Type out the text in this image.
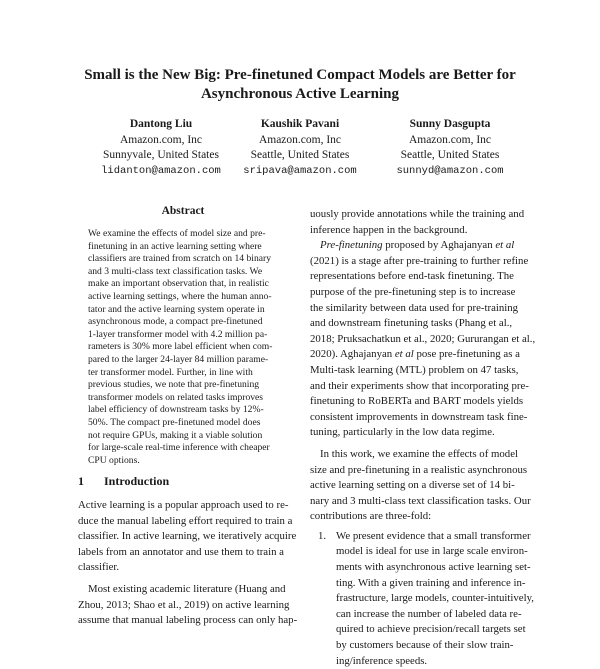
Small is the New Big: Pre-finetuned Compact Models are Better for
Asynchronous Active Learning
Dantong Liu
Amazon.com, Inc
Sunnyvale, United States
lidanton@amazon.com
Kaushik Pavani
Amazon.com, Inc
Seattle, United States
sripava@amazon.com
Sunny Dasgupta
Amazon.com, Inc
Seattle, United States
sunnyd@amazon.com
Abstract
We examine the effects of model size and pre-
finetuning in an active learning setting where
classifiers are trained from scratch on 14 binary
and 3 multi-class text classification tasks. We
make an important observation that, in realistic
active learning settings, where the human anno-
tator and the active learning system operate in
asynchronous mode, a compact pre-finetuned
1-layer transformer model with 4.2 million pa-
rameters is 30% more label efficient when com-
pared to the larger 24-layer 84 million parame-
ter transformer model. Further, in line with
previous studies, we note that pre-finetuning
transformer models on related tasks improves
label efficiency of downstream tasks by 12%-
50%. The compact pre-finetuned model does
not require GPUs, making it a viable solution
for large-scale real-time inference with cheaper
CPU options.
1 Introduction
Active learning is a popular approach used to re-
duce the manual labeling effort required to train a
classifier. In active learning, we iteratively acquire
labels from an annotator and use them to train a
classifier.
Most existing academic literature (Huang and
Zhou, 2013; Shao et al., 2019) on active learning
assume that manual labeling process can only hap-
uously provide annotations while the training and
inference happen in the background.
Pre-finetuning proposed by Aghajanyan et al
(2021) is a stage after pre-training to further refine
representations before end-task finetuning. The
purpose of the pre-finetuning step is to increase
the similarity between data used for pre-training
and downstream finetuning tasks (Phang et al.,
2018; Pruksachatkun et al., 2020; Gururangan et al.,
2020). Aghajanyan et al pose pre-finetuning as a
Multi-task learning (MTL) problem on 47 tasks,
and their experiments show that incorporating pre-
finetuning to RoBERTa and BART models yields
consistent improvements in downstream task fine-
tuning, particularly in the low data regime.
In this work, we examine the effects of model
size and pre-finetuning in a realistic asynchronous
active learning setting on a diverse set of 14 bi-
nary and 3 multi-class text classification tasks. Our
contributions are three-fold:
1. We present evidence that a small transformer
model is ideal for use in large scale environ-
ments with asynchronous active learning set-
ting. With a given training and inference in-
frastructure, large models, counter-intuitively,
can increase the number of labeled data re-
quired to achieve precision/recall targets set
by customers because of their slow train-
ing/inference speeds.
